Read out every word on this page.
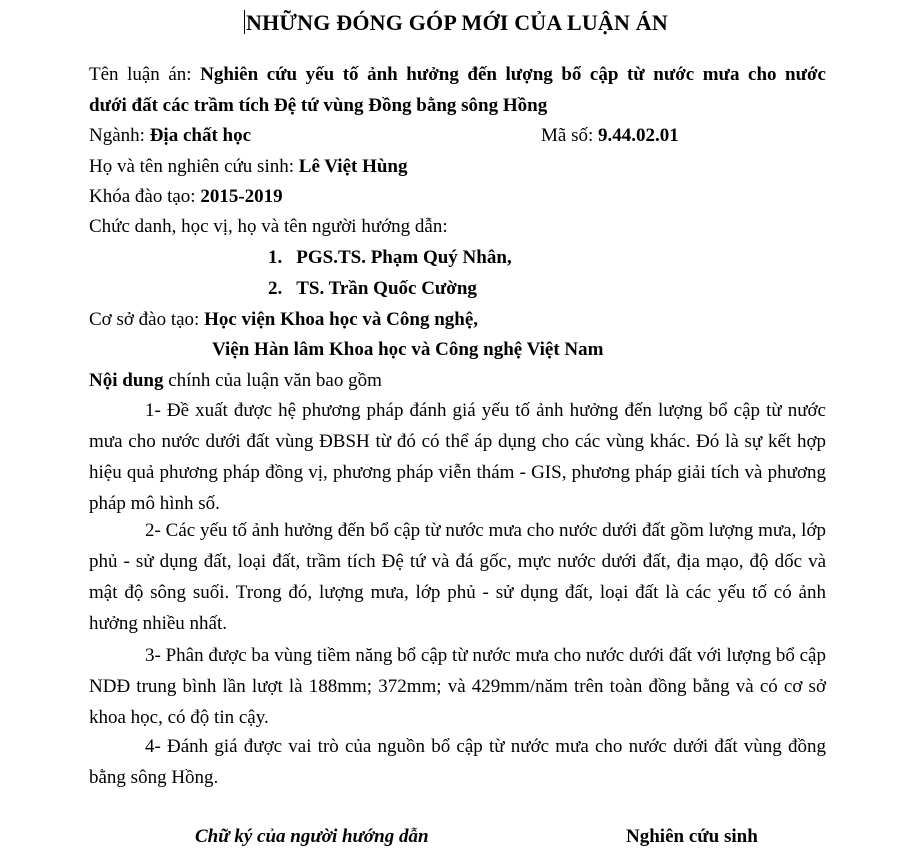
NHỮNG ĐÓNG GÓP MỚI CỦA LUẬN ÁN
Tên luận án: Nghiên cứu yếu tố ảnh hưởng đến lượng bổ cập từ nước mưa cho nước
dưới đất các trầm tích Đệ tứ vùng Đồng bằng sông Hồng
Ngành: Địa chất học	Mã số: 9.44.02.01
Họ và tên nghiên cứu sinh: Lê Việt Hùng
Khóa đào tạo: 2015-2019
Chức danh, học vị, họ và tên người hướng dẫn:
1. PGS.TS. Phạm Quý Nhân,
2. TS. Trần Quốc Cường
Cơ sở đào tạo: Học viện Khoa học và Công nghệ,
Viện Hàn lâm Khoa học và Công nghệ Việt Nam
Nội dung chính của luận văn bao gồm
1- Đề xuất được hệ phương pháp đánh giá yếu tố ảnh hưởng đến lượng bổ cập từ nước mưa cho nước dưới đất vùng ĐBSH từ đó có thể áp dụng cho các vùng khác. Đó là sự kết hợp hiệu quả phương pháp đồng vị, phương pháp viễn thám - GIS, phương pháp giải tích và phương pháp mô hình số.
2- Các yếu tố ảnh hưởng đến bổ cập từ nước mưa cho nước dưới đất gồm lượng mưa, lớp phủ - sử dụng đất, loại đất, trầm tích Đệ tứ và đá gốc, mực nước dưới đất, địa mạo, độ dốc và mật độ sông suối. Trong đó, lượng mưa, lớp phủ - sử dụng đất, loại đất là các yếu tố có ảnh hưởng nhiều nhất.
3- Phân được ba vùng tiềm năng bổ cập từ nước mưa cho nước dưới đất với lượng bổ cập NDĐ trung bình lần lượt là 188mm; 372mm; và 429mm/năm trên toàn đồng bằng và có cơ sở khoa học, có độ tin cậy.
4- Đánh giá được vai trò của nguồn bổ cập từ nước mưa cho nước dưới đất vùng đồng bằng sông Hồng.
Chữ ký của người hướng dẫn	Nghiên cứu sinh
